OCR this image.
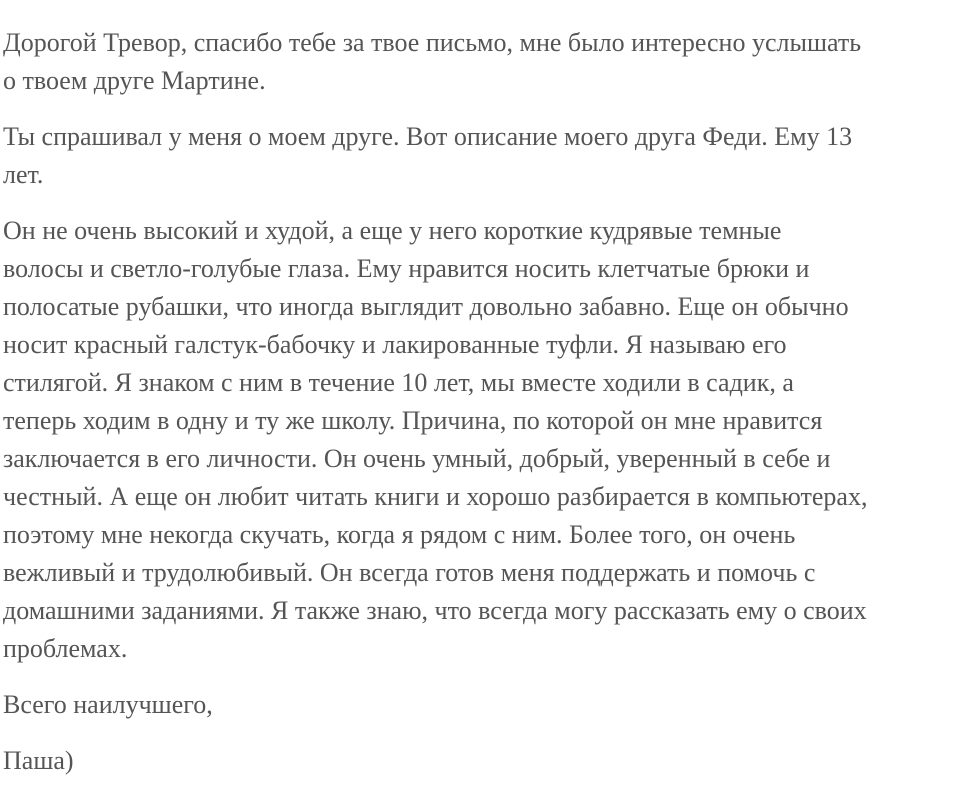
Дорогой Тревор, спасибо тебе за твое письмо, мне было интересно услышать
о твоем друге Мартине.

Ты спрашивал у меня о моем друге. Вот описание моего друга Феди. Ему 13
лет.

Он не очень высокий и худой, а еще у него короткие кудрявые темные
волосы и светло-голубые глаза. Ему нравится носить клетчатые брюки и
полосатые рубашки, что иногда выглядит довольно забавно. Еще он обычно
носит красный галстук-бабочку и лакированные туфли. Я называю его
стилягой. Я знаком с ним в течение 10 лет, мы вместе ходили в садик, а
теперь ходим в одну и ту же школу. Причина, по которой он мне нравится
заключается в его личности. Он очень умный, добрый, уверенный в себе и
честный. А еще он любит читать книги и хорошо разбирается в компьютерах,
поэтому мне некогда скучать, когда я рядом с ним. Более того, он очень
вежливый и трудолюбивый. Он всегда готов меня поддержать и помочь с
домашними заданиями. Я также знаю, что всегда могу рассказать ему о своих
проблемах.

Всего наилучшего,

Паша)
